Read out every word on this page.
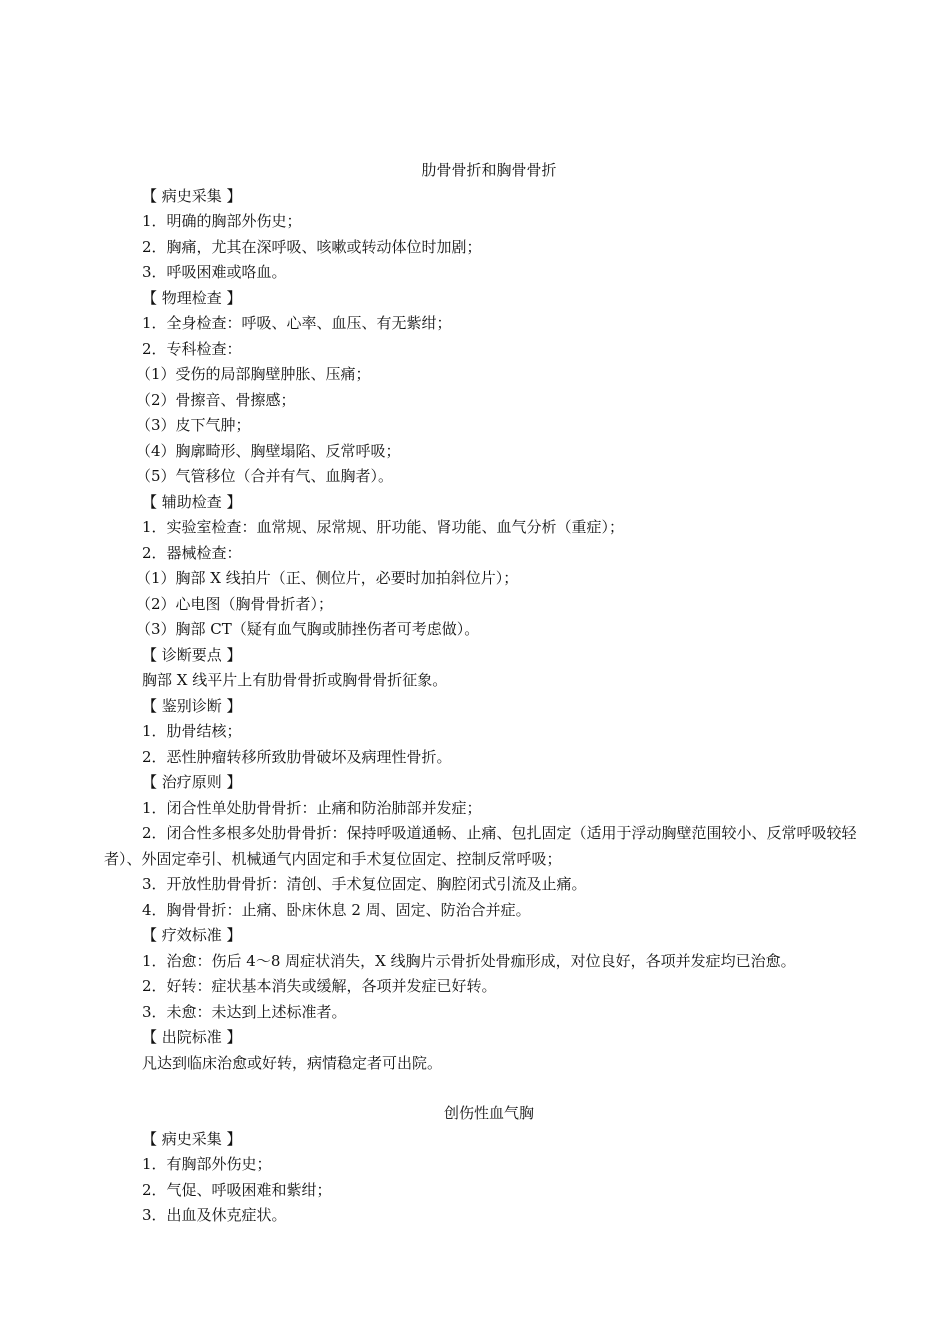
肋骨骨折和胸骨骨折

【 病史采集 】

1．明确的胸部外伤史；

2．胸痛，尤其在深呼吸、咳嗽或转动体位时加剧；

3．呼吸困难或咯血。

【 物理检查 】

1．全身检查：呼吸、心率、血压、有无紫绀；

2．专科检查：

（1）受伤的局部胸壁肿胀、压痛；

（2）骨擦音、骨擦感；

（3）皮下气肿；

（4）胸廓畸形、胸壁塌陷、反常呼吸；

（5）气管移位（合并有气、血胸者）。

【 辅助检查 】

1．实验室检查：血常规、尿常规、肝功能、肾功能、血气分析（重症）；

2．器械检查：

（1）胸部 X 线拍片（正、侧位片，必要时加拍斜位片）；

（2）心电图（胸骨骨折者）；

（3）胸部 CT（疑有血气胸或肺挫伤者可考虑做）。

【 诊断要点 】

胸部 X 线平片上有肋骨骨折或胸骨骨折征象。

【 鉴别诊断 】

1．肋骨结核；

2．恶性肿瘤转移所致肋骨破坏及病理性骨折。

【 治疗原则 】

1．闭合性单处肋骨骨折：止痛和防治肺部并发症；

2．闭合性多根多处肋骨骨折：保持呼吸道通畅、止痛、包扎固定（适用于浮动胸壁范围较小、反常呼吸较轻者）、外固定牵引、机械通气内固定和手术复位固定、控制反常呼吸；

3．开放性肋骨骨折：清创、手术复位固定、胸腔闭式引流及止痛。

4．胸骨骨折：止痛、卧床休息 2 周、固定、防治合并症。

【 疗效标准 】

1．治愈：伤后 4～8 周症状消失，X 线胸片示骨折处骨痂形成，对位良好，各项并发症均已治愈。

2．好转：症状基本消失或缓解，各项并发症已好转。

3．未愈：未达到上述标准者。

【 出院标准 】

凡达到临床治愈或好转，病情稳定者可出院。

创伤性血气胸

【 病史采集 】

1．有胸部外伤史；

2．气促、呼吸困难和紫绀；

3．出血及休克症状。
